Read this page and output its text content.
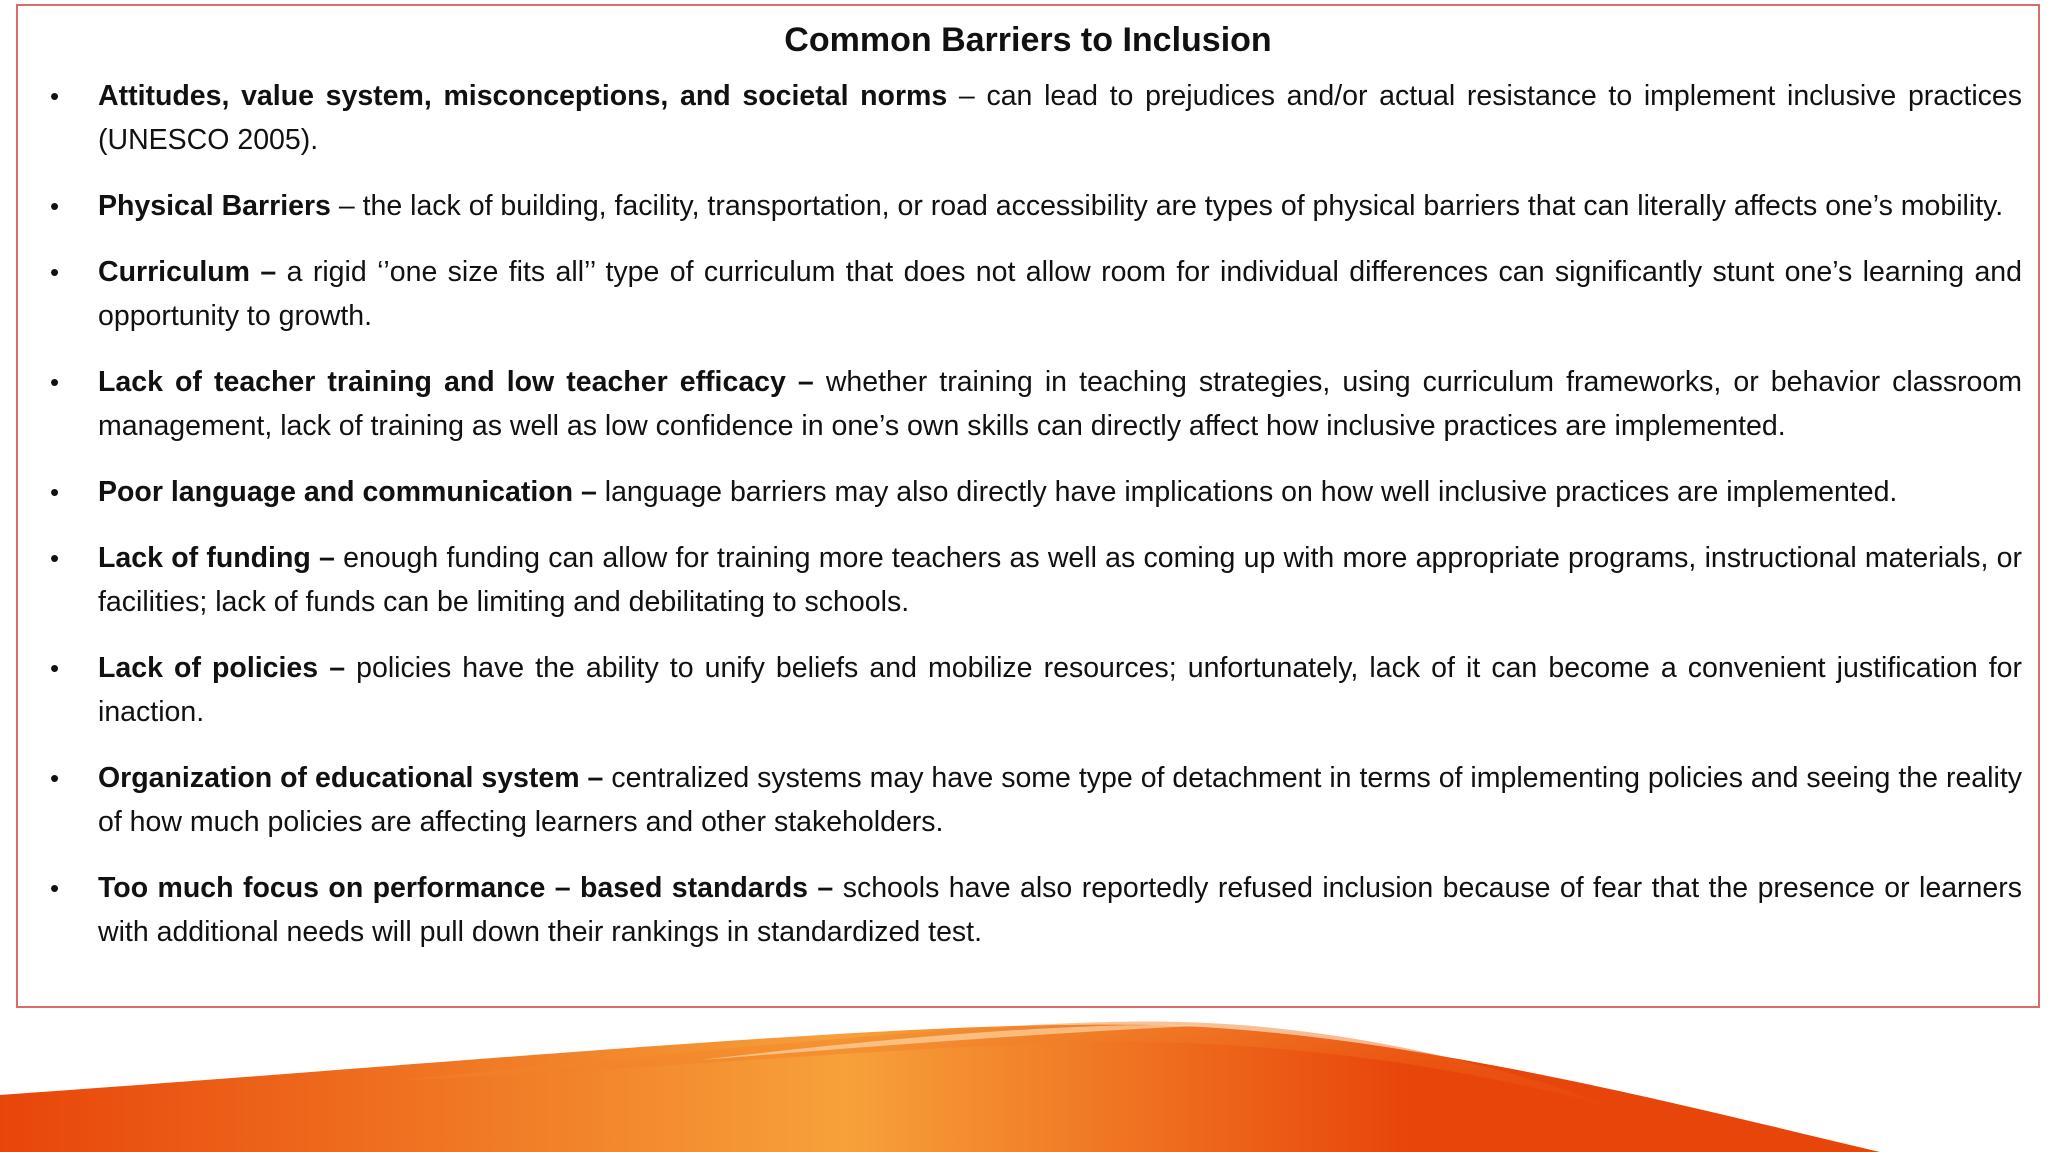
Common Barriers to Inclusion
• Attitudes, value system, misconceptions, and societal norms – can lead to prejudices and/or actual resistance to implement inclusive practices (UNESCO 2005).
• Physical Barriers – the lack of building, facility, transportation, or road accessibility are types of physical barriers that can literally affects one’s mobility.
• Curriculum – a rigid ‘’one size fits all’’ type of curriculum that does not allow room for individual differences can significantly stunt one’s learning and opportunity to growth.
• Lack of teacher training and low teacher efficacy – whether training in teaching strategies, using curriculum frameworks, or behavior classroom management, lack of training as well as low confidence in one’s own skills can directly affect how inclusive practices are implemented.
• Poor language and communication – language barriers may also directly have implications on how well inclusive practices are implemented.
• Lack of funding – enough funding can allow for training more teachers as well as coming up with more appropriate programs, instructional materials, or facilities; lack of funds can be limiting and debilitating to schools.
• Lack of policies – policies have the ability to unify beliefs and mobilize resources; unfortunately, lack of it can become a convenient justification for inaction.
• Organization of educational system – centralized systems may have some type of detachment in terms of implementing policies and seeing the reality of how much policies are affecting learners and other stakeholders.
• Too much focus on performance – based standards – schools have also reportedly refused inclusion because of fear that the presence or learners with additional needs will pull down their rankings in standardized test.
